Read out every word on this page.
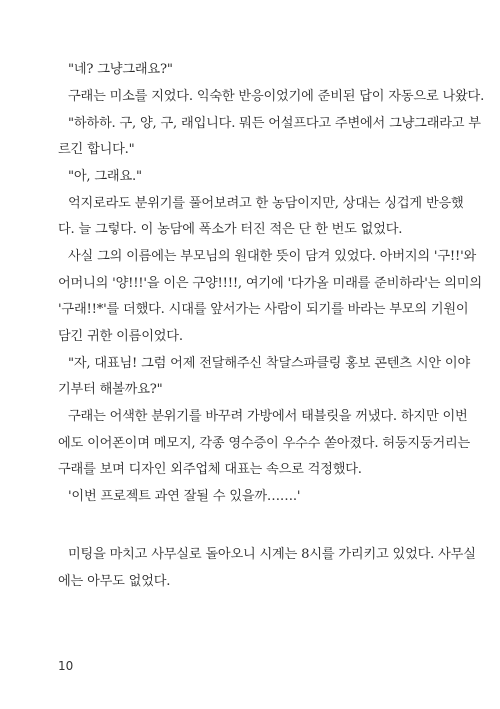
"네? 그냥그래요?"
구래는 미소를 지었다. 익숙한 반응이었기에 준비된 답이 자동으로 나왔다.
"하하하. 구, 양, 구, 래입니다. 뭐든 어설프다고 주변에서 그냥그래라고 부
르긴 합니다."
"아, 그래요."
억지로라도 분위기를 풀어보려고 한 농담이지만, 상대는 싱겁게 반응했
다. 늘 그렇다. 이 농담에 폭소가 터진 적은 단 한 번도 없었다.
사실 그의 이름에는 부모님의 원대한 뜻이 담겨 있었다. 아버지의 '구!!'와
어머니의 '양!!!'을 이은 구양!!!!, 여기에 '다가올 미래를 준비하라'는 의미의
'구래!!*'를 더했다. 시대를 앞서가는 사람이 되기를 바라는 부모의 기원이
담긴 귀한 이름이었다.
"자, 대표님! 그럼 어제 전달해주신 착달스파클링 홍보 콘텐츠 시안 이야
기부터 해볼까요?"
구래는 어색한 분위기를 바꾸려 가방에서 태블릿을 꺼냈다. 하지만 이번
에도 이어폰이며 메모지, 각종 영수증이 우수수 쏟아졌다. 허둥지둥거리는
구래를 보며 디자인 외주업체 대표는 속으로 걱정했다.
'이번 프로젝트 과연 잘될 수 있을까…….'
미팅을 마치고 사무실로 돌아오니 시계는 8시를 가리키고 있었다. 사무실
에는 아무도 없었다.
10
